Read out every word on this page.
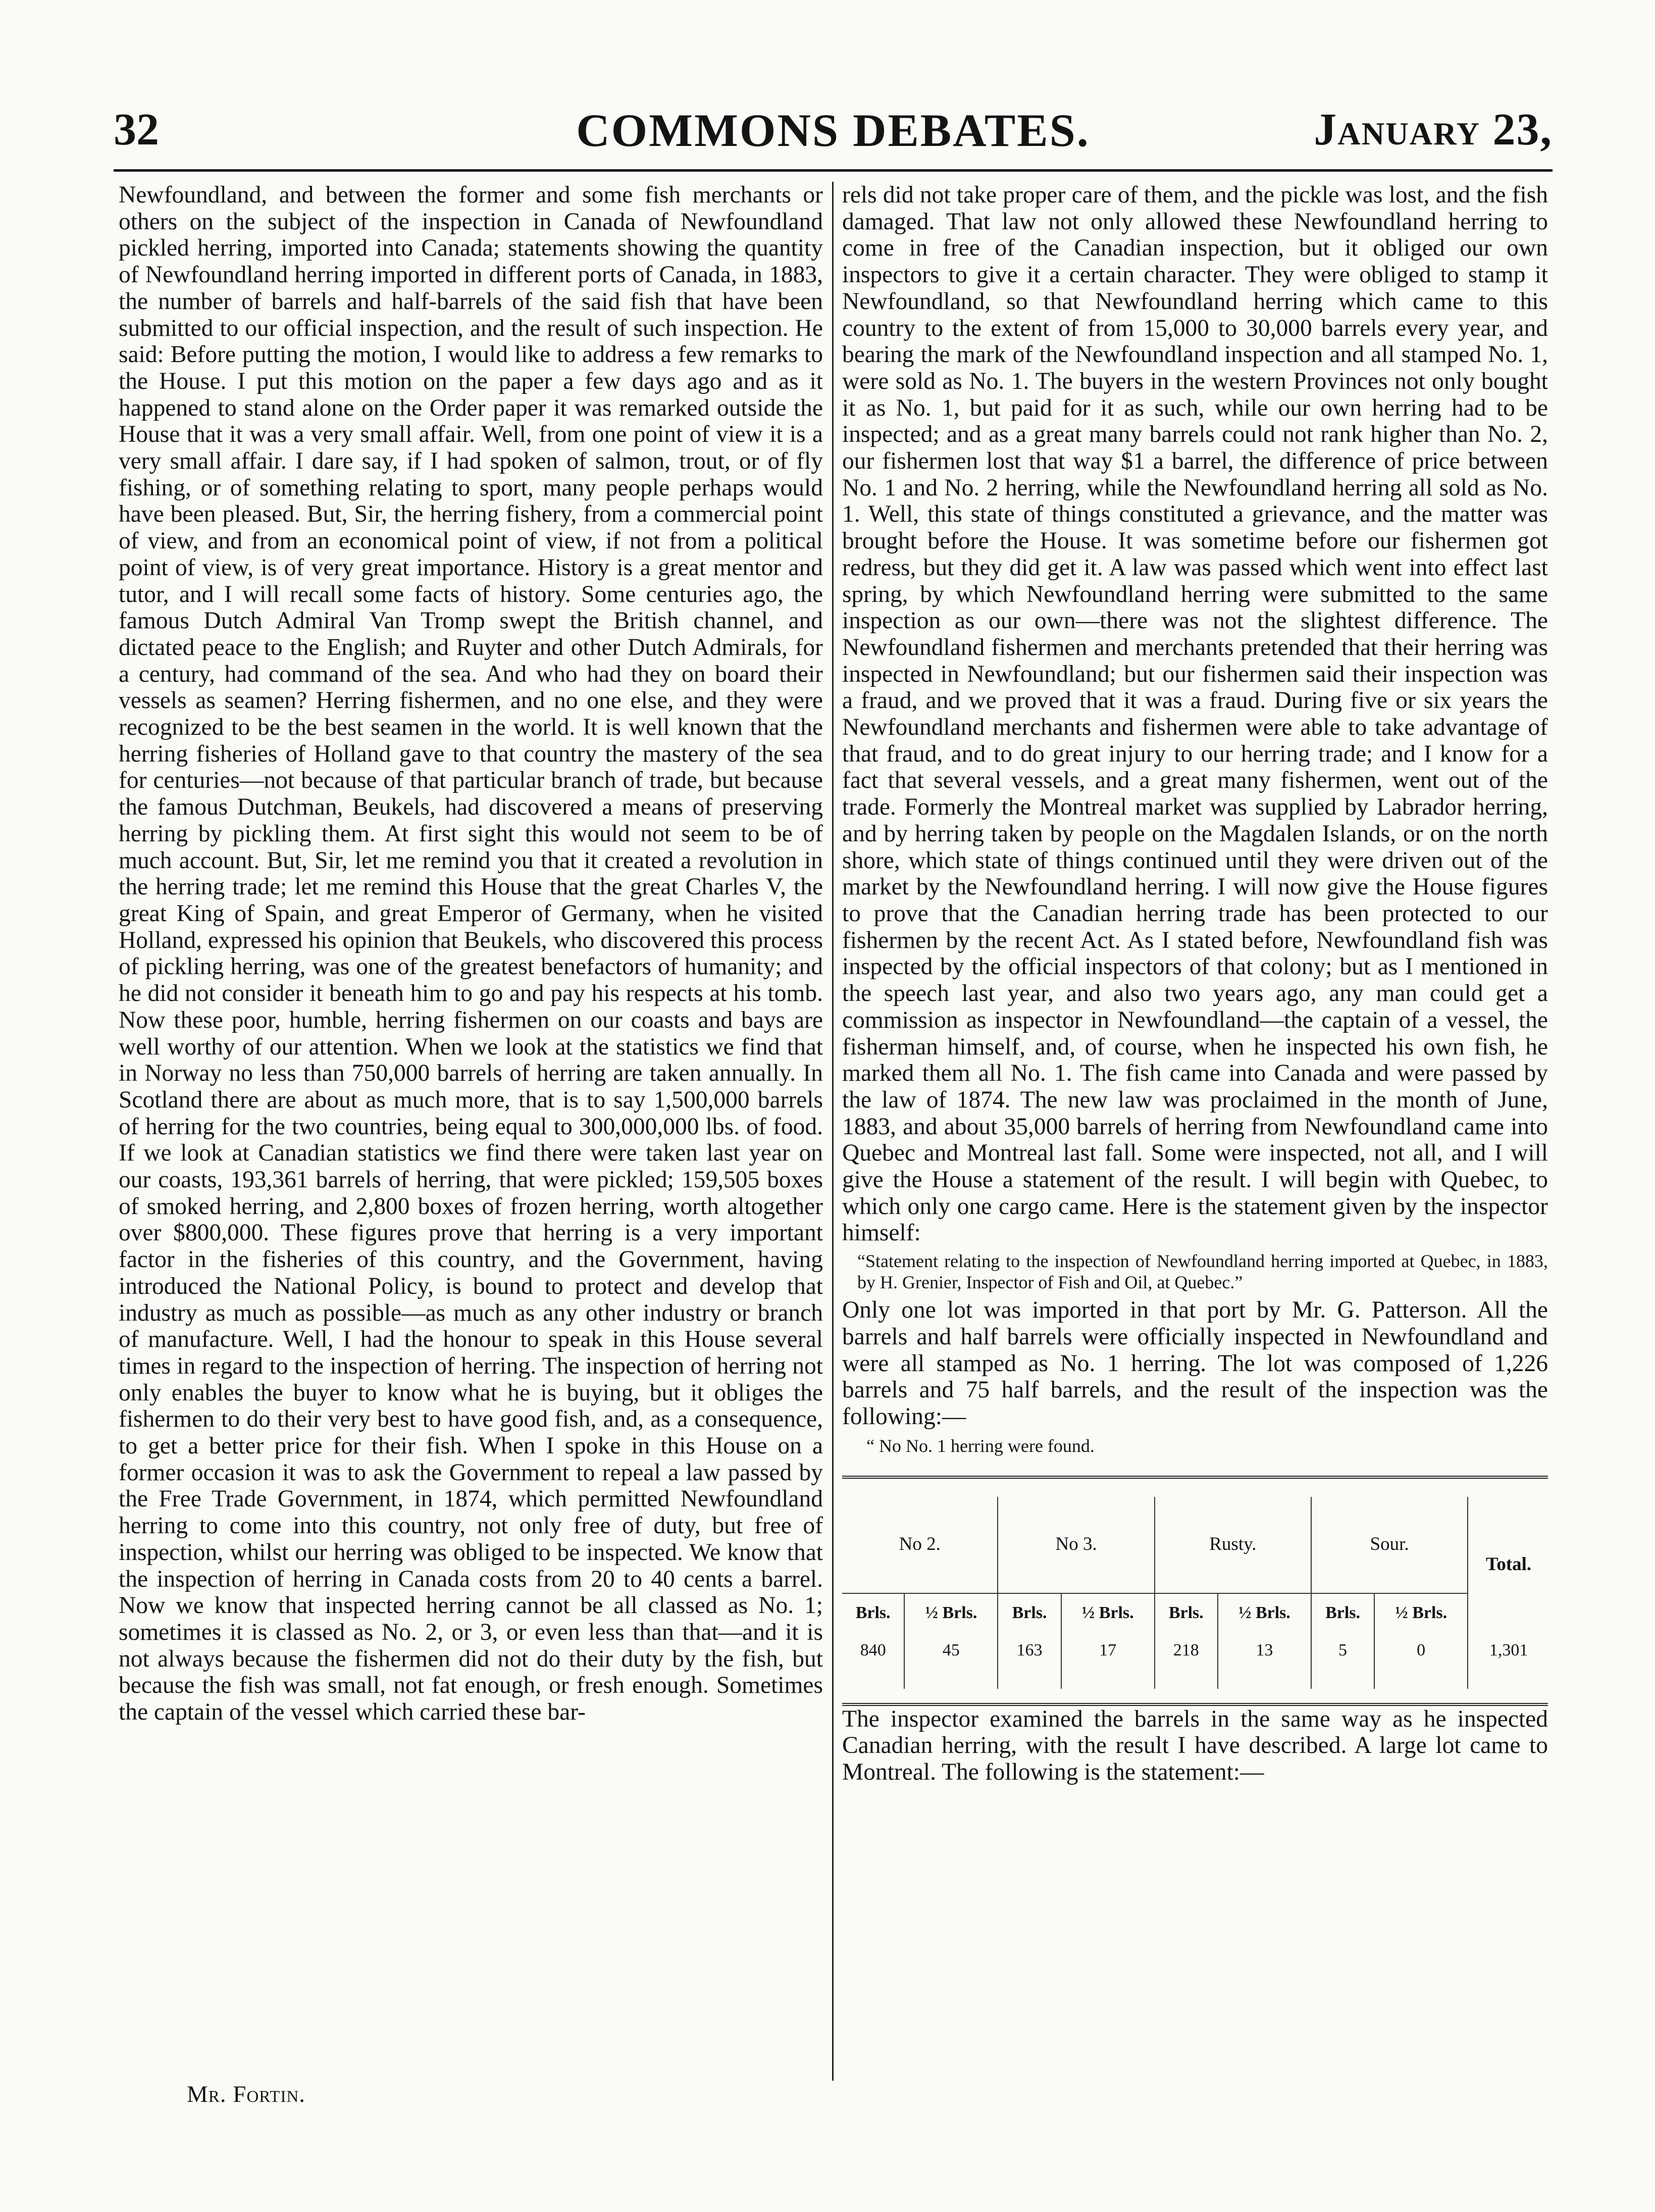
32	COMMONS DEBATES.	January 23,

Newfoundland, and between the former and some fish merchants or others on the subject of the inspection in Canada of Newfoundland pickled herring, imported into Canada; statements showing the quantity of Newfoundland herring imported in different ports of Canada, in 1883, the number of barrels and half-barrels of the said fish that have been submitted to our official inspection, and the result of such inspection. He said: Before putting the motion, I would like to address a few remarks to the House. I put this motion on the paper a few days ago and as it happened to stand alone on the Order paper it was remarked outside the House that it was a very small affair. Well, from one point of view it is a very small affair. I dare say, if I had spoken of salmon, trout, or of fly fishing, or of something relating to sport, many people perhaps would have been pleased. But, Sir, the herring fishery, from a commercial point of view, and from an economical point of view, if not from a political point of view, is of very great importance. History is a great mentor and tutor, and I will recall some facts of history. Some centuries ago, the famous Dutch Admiral Van Tromp swept the British channel, and dictated peace to the English; and Ruyter and other Dutch Admirals, for a century, had command of the sea. And who had they on board their vessels as seamen? Herring fishermen, and no one else, and they were recognized to be the best seamen in the world. It is well known that the herring fisheries of Holland gave to that country the mastery of the sea for centuries—not because of that particular branch of trade, but because the famous Dutchman, Beukels, had discovered a means of preserving herring by pickling them. At first sight this would not seem to be of much account. But, Sir, let me remind you that it created a revolution in the herring trade; let me remind this House that the great Charles V, the great King of Spain, and great Emperor of Germany, when he visited Holland, expressed his opinion that Beukels, who discovered this process of pickling herring, was one of the greatest benefactors of humanity; and he did not consider it beneath him to go and pay his respects at his tomb. Now these poor, humble, herring fishermen on our coasts and bays are well worthy of our attention. When we look at the statistics we find that in Norway no less than 750,000 barrels of herring are taken annually. In Scotland there are about as much more, that is to say 1,500,000 barrels of herring for the two countries, being equal to 300,000,000 lbs. of food. If we look at Canadian statistics we find there were taken last year on our coasts, 193,361 barrels of herring, that were pickled; 159,505 boxes of smoked herring, and 2,800 boxes of frozen herring, worth altogether over $800,000. These figures prove that herring is a very important factor in the fisheries of this country, and the Government, having introduced the National Policy, is bound to protect and develop that industry as much as possible—as much as any other industry or branch of manufacture. Well, I had the honour to speak in this House several times in regard to the inspection of herring. The inspection of herring not only enables the buyer to know what he is buying, but it obliges the fishermen to do their very best to have good fish, and, as a consequence, to get a better price for their fish. When I spoke in this House on a former occasion it was to ask the Government to repeal a law passed by the Free Trade Government, in 1874, which permitted Newfoundland herring to come into this country, not only free of duty, but free of inspection, whilst our herring was obliged to be inspected. We know that the inspection of herring in Canada costs from 20 to 40 cents a barrel. Now we know that inspected herring cannot be all classed as No. 1; sometimes it is classed as No. 2, or 3, or even less than that—and it is not always because the fishermen did not do their duty by the fish, but because the fish was small, not fat enough, or fresh enough. Sometimes the captain of the vessel which carried these bar-

rels did not take proper care of them, and the pickle was lost, and the fish damaged. That law not only allowed these Newfoundland herring to come in free of the Canadian inspection, but it obliged our own inspectors to give it a certain character. They were obliged to stamp it Newfoundland, so that Newfoundland herring which came to this country to the extent of from 15,000 to 30,000 barrels every year, and bearing the mark of the Newfoundland inspection and all stamped No. 1, were sold as No. 1. The buyers in the western Provinces not only bought it as No. 1, but paid for it as such, while our own herring had to be inspected; and as a great many barrels could not rank higher than No. 2, our fishermen lost that way $1 a barrel, the difference of price between No. 1 and No. 2 herring, while the Newfoundland herring all sold as No. 1. Well, this state of things constituted a grievance, and the matter was brought before the House. It was sometime before our fishermen got redress, but they did get it. A law was passed which went into effect last spring, by which Newfoundland herring were submitted to the same inspection as our own—there was not the slightest difference. The Newfoundland fishermen and merchants pretended that their herring was inspected in Newfoundland; but our fishermen said their inspection was a fraud, and we proved that it was a fraud. During five or six years the Newfoundland merchants and fishermen were able to take advantage of that fraud, and to do great injury to our herring trade; and I know for a fact that several vessels, and a great many fishermen, went out of the trade. Formerly the Montreal market was supplied by Labrador herring, and by herring taken by people on the Magdalen Islands, or on the north shore, which state of things continued until they were driven out of the market by the Newfoundland herring. I will now give the House figures to prove that the Canadian herring trade has been protected to our fishermen by the recent Act. As I stated before, Newfoundland fish was inspected by the official inspectors of that colony; but as I mentioned in the speech last year, and also two years ago, any man could get a commission as inspector in Newfoundland—the captain of a vessel, the fisherman himself, and, of course, when he inspected his own fish, he marked them all No. 1. The fish came into Canada and were passed by the law of 1874. The new law was proclaimed in the month of June, 1883, and about 35,000 barrels of herring from Newfoundland came into Quebec and Montreal last fall. Some were inspected, not all, and I will give the House a statement of the result. I will begin with Quebec, to which only one cargo came. Here is the statement given by the inspector himself:

“Statement relating to the inspection of Newfoundland herring imported at Quebec, in 1883, by H. Grenier, Inspector of Fish and Oil, at Quebec.”

Only one lot was imported in that port by Mr. G. Patterson. All the barrels and half barrels were officially inspected in Newfoundland and were all stamped as No. 1 herring. The lot was composed of 1,226 barrels and 75 half barrels, and the result of the inspection was the following:—

“ No No. 1 herring were found.

No 2.		No 3.		Rusty.		Sour.		Total.
Brls.	½ Brls.	Brls.	½ Brls.	Brls.	½ Brls.	Brls.	½ Brls.	
840	45	163	17	218	13	5	0	1,301

The inspector examined the barrels in the same way as he inspected Canadian herring, with the result I have described. A large lot came to Montreal. The following is the statement:—

Mr. Fortin.
